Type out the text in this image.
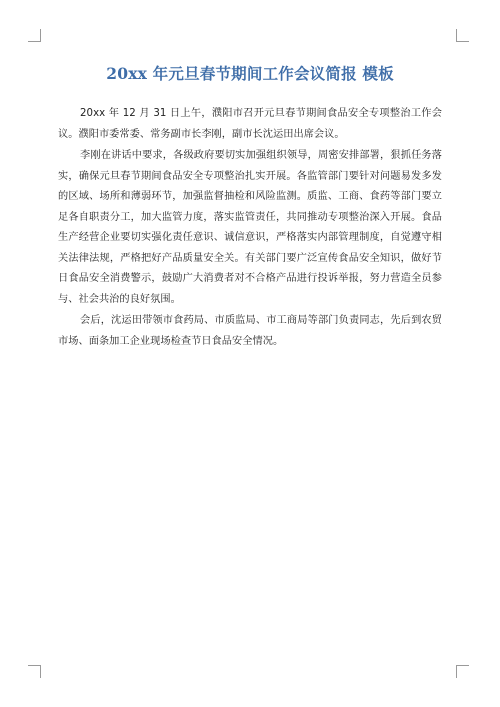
20xx 年元旦春节期间工作会议简报 模板

20xx 年 12 月 31 日上午，濮阳市召开元旦春节期间食品安全专项整治工作会议。濮阳市委常委、常务副市长李刚，副市长沈运田出席会议。

李刚在讲话中要求，各级政府要切实加强组织领导，周密安排部署，狠抓任务落实，确保元旦春节期间食品安全专项整治扎实开展。各监管部门要针对问题易发多发的区域、场所和薄弱环节，加强监督抽检和风险监测。质监、工商、食药等部门要立足各自职责分工，加大监管力度，落实监管责任，共同推动专项整治深入开展。食品生产经营企业要切实强化责任意识、诚信意识，严格落实内部管理制度，自觉遵守相关法律法规，严格把好产品质量安全关。有关部门要广泛宣传食品安全知识，做好节日食品安全消费警示，鼓励广大消费者对不合格产品进行投诉举报，努力营造全员参与、社会共治的良好氛围。

会后，沈运田带领市食药局、市质监局、市工商局等部门负责同志，先后到农贸市场、面条加工企业现场检查节日食品安全情况。
